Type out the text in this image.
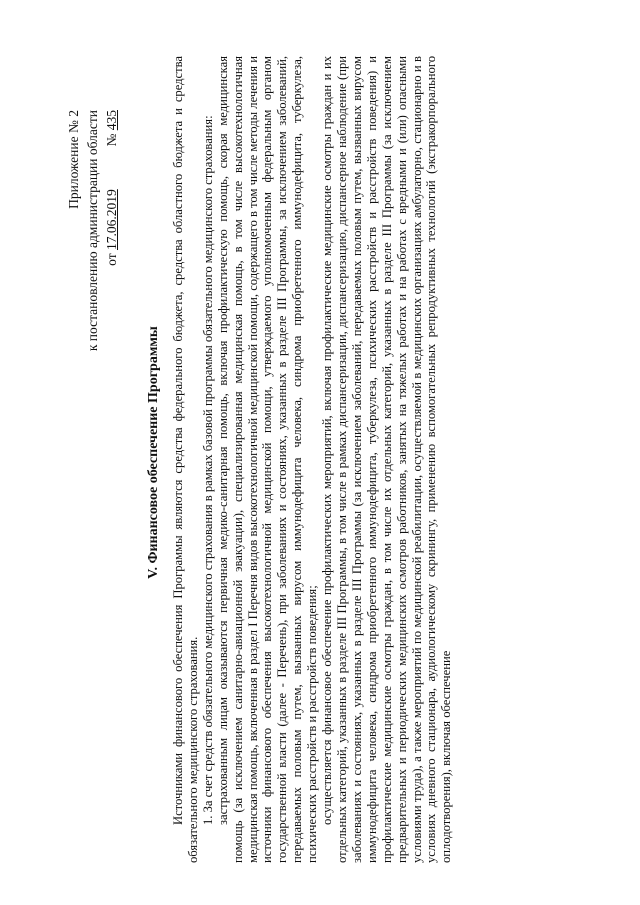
Приложение № 2 к постановлению администрации области от 17.06.2019  № 435
V. Финансовое обеспечение Программы Источниками финансового обеспечения Программы являются средства федерального бюджета, средства областного бюджета и средства обязательного медицинского страхования. 1. За счет средств обязательного медицинского страхования в рамках базовой программы обязательного медицинского страхования: застрахованным лицам оказываются первичная медико-санитарная помощь, включая профилактическую помощь, скорая медицинская помощь (за исключением санитарно-авиационной эвакуации), специализированная медицинская помощь, в том числе высокотехнологичная медицинская помощь, включенная в раздел I Перечня видов высокотехнологичной медицинской помощи, содержащего в том числе методы лечения и источники финансового обеспечения высокотехнологичной медицинской помощи, утверждаемого уполномоченным федеральным органом государственной власти (далее - Перечень), при заболеваниях и состояниях, указанных в разделе III Программы, за исключением заболеваний, передаваемых половым путем, вызванных вирусом иммунодефицита человека, синдрома приобретенного иммунодефицита, туберкулеза, психических расстройств и расстройств поведения; осуществляется финансовое обеспечение профилактических мероприятий, включая профилактические медицинские осмотры граждан и их отдельных категорий, указанных в разделе III Программы, в том числе в рамках диспансеризации, диспансеризацию, диспансерное наблюдение (при заболеваниях и состояниях, указанных в разделе III Программы (за исключением заболеваний, передаваемых половым путем, вызванных вирусом иммунодефицита человека, синдрома приобретенного иммунодефицита, туберкулеза, психических расстройств и расстройств поведения) и профилактические медицинские осмотры граждан, в том числе их отдельных категорий, указанных в разделе III Программы (за исключением предварительных и периодических медицинских осмотров работников, занятых на тяжелых работах и на работах с вредными и (или) опасными условиями труда), а также мероприятий по медицинской реабилитации, осуществляемой в медицинских организациях амбулаторно, стационарно и в условиях дневного стационара, аудиологическому скринингу, применению вспомогательных репродуктивных технологий (экстракорпорального оплодотворения), включая обеспечение
